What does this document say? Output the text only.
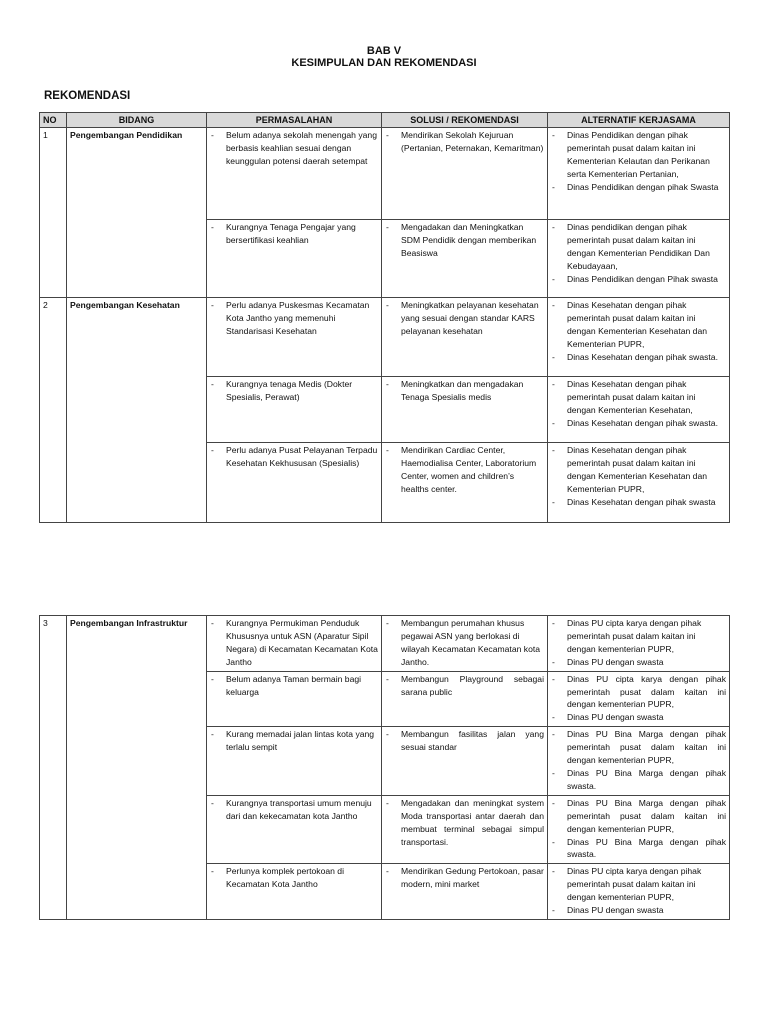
BAB V
KESIMPULAN DAN REKOMENDASI
REKOMENDASI
NO	BIDANG	PERMASALAHAN	SOLUSI / REKOMENDASI	ALTERNATIF KERJASAMA
1	Pengembangan Pendidikan	- Belum adanya sekolah menengah yang berbasis keahlian sesuai dengan keunggulan potensi daerah setempat	- Mendirikan Sekolah Kejuruan (Pertanian, Peternakan, Kemaritman)	- Dinas Pendidikan dengan pihak pemerintah pusat dalam kaitan ini Kementerian Kelautan dan Perikanan serta Kementerian Pertanian,
- Dinas Pendidikan dengan pihak Swasta

		- Kurangnya Tenaga Pengajar yang bersertifikasi keahlian	- Mengadakan dan Meningkatkan SDM Pendidik dengan memberikan Beasiswa	- Dinas pendidikan dengan pihak pemerintah pusat dalam kaitan ini dengan Kementerian Pendidikan Dan Kebudayaan,
- Dinas Pendidikan dengan Pihak swasta

2	Pengembangan Kesehatan	- Perlu adanya Puskesmas Kecamatan Kota Jantho yang memenuhi Standarisasi Kesehatan	- Meningkatkan pelayanan kesehatan yang sesuai dengan standar KARS pelayanan kesehatan	- Dinas Kesehatan dengan pihak pemerintah pusat dalam kaitan ini dengan Kementerian Kesehatan dan Kementerian PUPR,
- Dinas Kesehatan dengan pihak swasta.

		- Kurangnya tenaga Medis (Dokter Spesialis, Perawat)	- Meningkatkan dan mengadakan Tenaga Spesialis medis	- Dinas Kesehatan dengan pihak pemerintah pusat dalam kaitan ini dengan Kementerian Kesehatan,
- Dinas Kesehatan dengan pihak swasta.

		- Perlu adanya Pusat Pelayanan Terpadu Kesehatan Kekhususan (Spesialis)	- Mendirikan Cardiac Center, Haemodialisa Center, Laboratorium Center, women and children’s healths center.	- Dinas Kesehatan dengan pihak pemerintah pusat dalam kaitan ini dengan Kementerian Kesehatan dan Kementerian PUPR,
- Dinas Kesehatan dengan pihak swasta
3	Pengembangan Infrastruktur	- Kurangnya Permukiman Penduduk Khususnya untuk ASN (Aparatur Sipil Negara) di Kecamatan Kecamatan Kota Jantho	- Membangun perumahan khusus pegawai ASN yang berlokasi di wilayah Kecamatan Kecamatan kota Jantho.	- Dinas PU cipta karya dengan pihak pemerintah pusat dalam kaitan ini dengan kementerian PUPR,
- Dinas PU dengan swasta

		- Belum adanya Taman bermain bagi keluarga	- Membangun Playground sebagai sarana public	- Dinas PU cipta karya dengan pihak pemerintah pusat dalam kaitan ini dengan kementerian PUPR,
- Dinas PU dengan swasta

		- Kurang memadai jalan lintas kota yang terlalu sempit	- Membangun fasilitas jalan yang sesuai standar	- Dinas PU Bina Marga dengan pihak pemerintah pusat dalam kaitan ini dengan kementerian PUPR,
- Dinas PU Bina Marga dengan pihak swasta.

		- Kurangnya transportasi umum menuju dari dan kekecamatan kota Jantho	- Mengadakan dan meningkat system Moda transportasi antar daerah dan membuat terminal sebagai simpul transportasi.	- Dinas PU Bina Marga dengan pihak pemerintah pusat dalam kaitan ini dengan kementerian PUPR,
- Dinas PU Bina Marga dengan pihak swasta.

		- Perlunya komplek pertokoan di Kecamatan Kota Jantho	- Mendirikan Gedung Pertokoan, pasar modern, mini market	- Dinas PU cipta karya dengan pihak pemerintah pusat dalam kaitan ini dengan kementerian PUPR,
- Dinas PU dengan swasta
